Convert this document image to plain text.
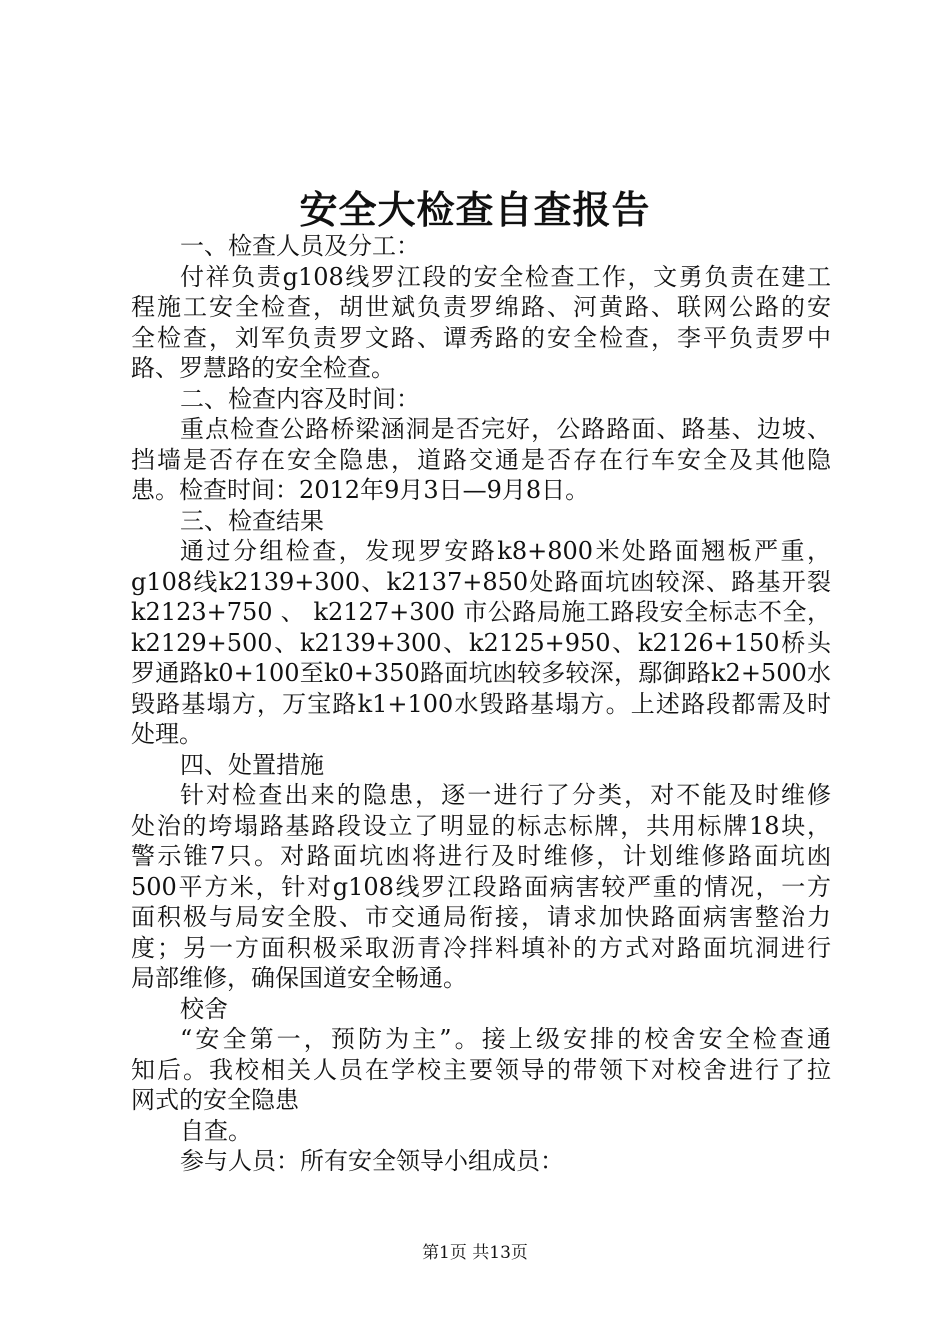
安全大检查自查报告
一、检查人员及分工：
付祥负责g108线罗江段的安全检查工作，文勇负责在建工
程施工安全检查，胡世斌负责罗绵路、河黄路、联网公路的安
全检查，刘军负责罗文路、谭秀路的安全检查，李平负责罗中
路、罗慧路的安全检查。
二、检查内容及时间：
重点检查公路桥梁涵洞是否完好，公路路面、路基、边坡、
挡墙是否存在安全隐患，道路交通是否存在行车安全及其他隐
患。检查时间：2012年9月3日—9月8日。
三、检查结果
通过分组检查，发现罗安路k8+800米处路面翘板严重，
g108线k2139+300、k2137+850处路面坑凼较深、路基开裂
k2123+750 、 k2127+300 市公路局施工路段安全标志不全，
k2129+500、k2139+300、k2125+950、k2126+150桥头
罗通路k0+100至k0+350路面坑凼较多较深，鄢御路k2+500水
毁路基塌方，万宝路k1+100水毁路基塌方。上述路段都需及时
处理。
四、处置措施
针对检查出来的隐患，逐一进行了分类，对不能及时维修
处治的垮塌路基路段设立了明显的标志标牌，共用标牌18块，
警示锥7只。对路面坑凼将进行及时维修，计划维修路面坑凼
500平方米，针对g108线罗江段路面病害较严重的情况，一方
面积极与局安全股、市交通局衔接，请求加快路面病害整治力
度；另一方面积极采取沥青冷拌料填补的方式对路面坑洞进行
局部维修，确保国道安全畅通。
校舍
“安全第一，预防为主”。接上级安排的校舍安全检查通
知后。我校相关人员在学校主要领导的带领下对校舍进行了拉
网式的安全隐患
自查。
参与人员：所有安全领导小组成员：
第1页 共13页
